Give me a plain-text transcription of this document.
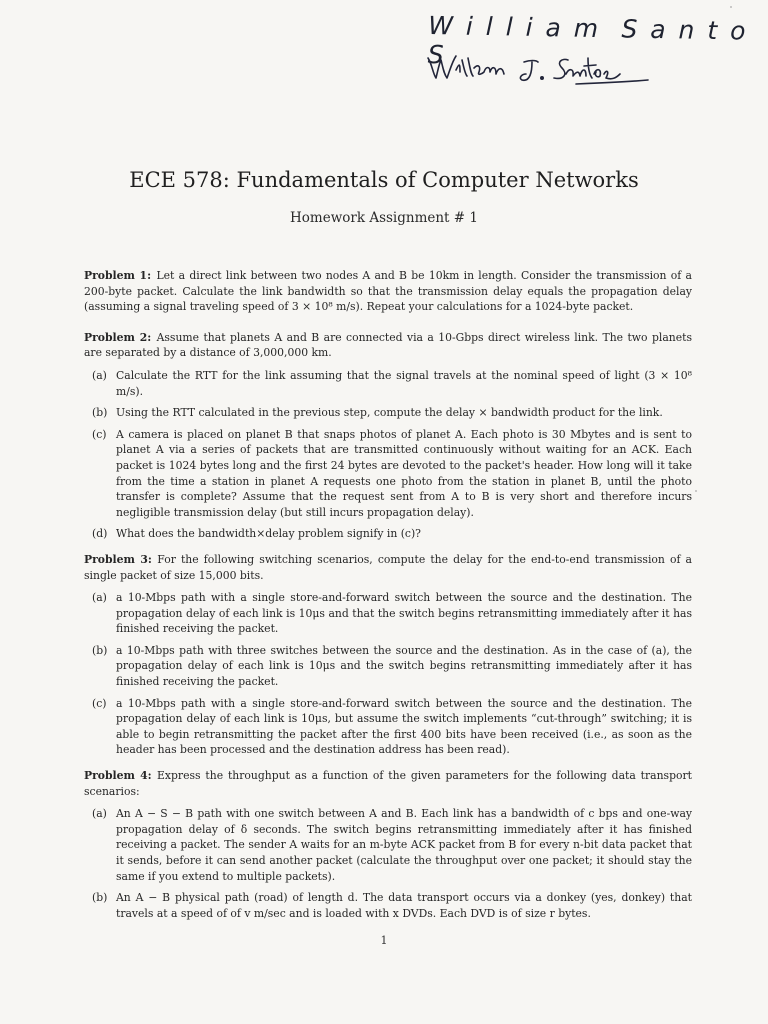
W i l l i a m  S a n t o S
ECE 578: Fundamentals of Computer Networks
Homework Assignment # 1

Problem 1:  Let a direct link between two nodes A and B be 10km in length. Consider the transmission of a 200-byte packet. Calculate the link bandwidth so that the transmission delay equals the propagation delay (assuming a signal traveling speed of 3 × 10⁸ m/s). Repeat your calculations for a 1024-byte packet.

Problem 2:  Assume that planets A and B are connected via a 10-Gbps direct wireless link. The two planets are separated by a distance of 3,000,000 km.

(a) Calculate the RTT for the link assuming that the signal travels at the nominal speed of light (3 × 10⁸ m/s).
(b) Using the RTT calculated in the previous step, compute the delay × bandwidth product for the link.
(c) A camera is placed on planet B that snaps photos of planet A. Each photo is 30 Mbytes and is sent to planet A via a series of packets that are transmitted continuously without waiting for an ACK. Each packet is 1024 bytes long and the first 24 bytes are devoted to the packet's header. How long will it take from the time a station in planet A requests one photo from the station in planet B, until the photo transfer is complete? Assume that the request sent from A to B is very short and therefore incurs negligible transmission delay (but still incurs propagation delay).
(d) What does the bandwidth×delay problem signify in (c)?

Problem 3:  For the following switching scenarios, compute the delay for the end-to-end transmission of a single packet of size 15,000 bits.

(a) a 10-Mbps path with a single store-and-forward switch between the source and the destination. The propagation delay of each link is 10μs and that the switch begins retransmitting immediately after it has finished receiving the packet.
(b) a 10-Mbps path with three switches between the source and the destination. As in the case of (a), the propagation delay of each link is 10μs and the switch begins retransmitting immediately after it has finished receiving the packet.
(c) a 10-Mbps path with a single store-and-forward switch between the source and the destination. The propagation delay of each link is 10μs, but assume the switch implements “cut-through” switching; it is able to begin retransmitting the packet after the first 400 bits have been received (i.e., as soon as the header has been processed and the destination address has been read).

Problem 4:  Express the throughput as a function of the given parameters for the following data transport scenarios:

(a) An A − S − B path with one switch between A and B. Each link has a bandwidth of c bps and one-way propagation delay of δ seconds. The switch begins retransmitting immediately after it has finished receiving a packet. The sender A waits for an m-byte ACK packet from B for every n-bit data packet that it sends, before it can send another packet (calculate the throughput over one packet; it should stay the same if you extend to multiple packets).
(b) An A − B physical path (road) of length d. The data transport occurs via a donkey (yes, donkey) that travels at a speed of of v m/sec and is loaded with x DVDs. Each DVD is of size r bytes.
1
